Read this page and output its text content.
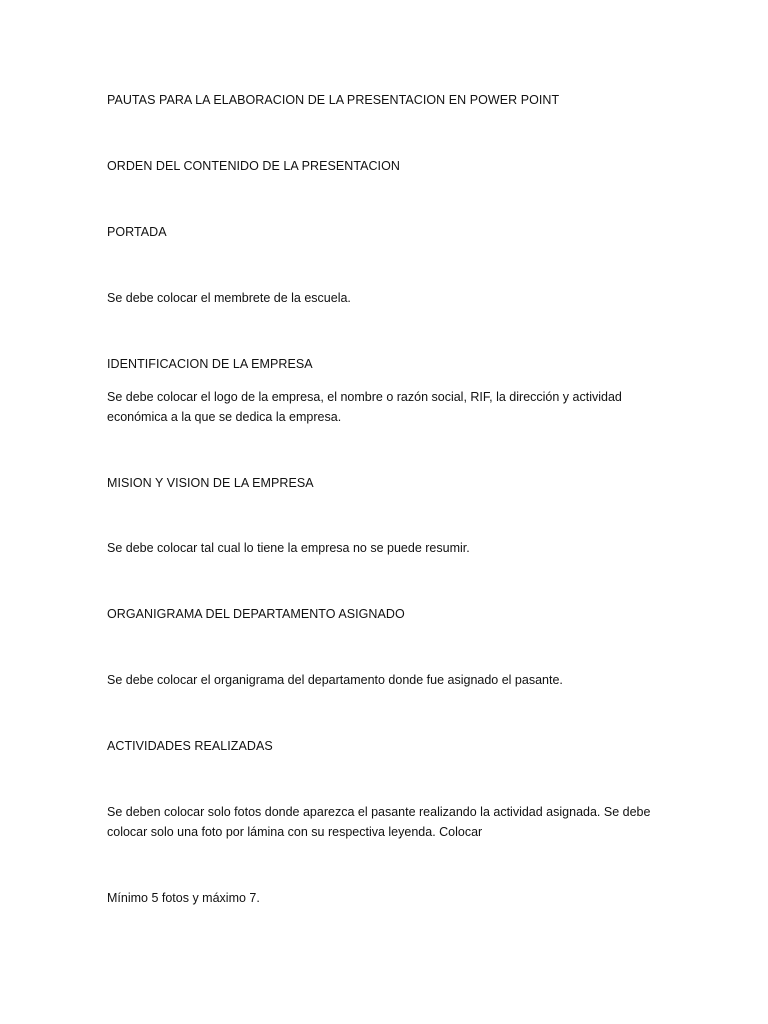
PAUTAS PARA LA ELABORACION DE LA PRESENTACION EN POWER POINT

ORDEN DEL CONTENIDO DE LA PRESENTACION

PORTADA

Se debe colocar el membrete de la escuela.

IDENTIFICACION DE LA EMPRESA

Se debe colocar el logo de la empresa, el nombre o razón social, RIF, la dirección y actividad económica a la que se dedica la empresa.

MISION Y VISION DE LA EMPRESA

Se debe colocar tal cual lo tiene la empresa no se puede resumir.

ORGANIGRAMA DEL DEPARTAMENTO ASIGNADO

Se debe colocar el organigrama del departamento donde fue asignado el pasante.

ACTIVIDADES REALIZADAS

Se deben colocar solo fotos donde aparezca el pasante realizando la actividad asignada. Se debe colocar solo una foto por lámina con su respectiva leyenda. Colocar

Mínimo 5 fotos y máximo 7.
